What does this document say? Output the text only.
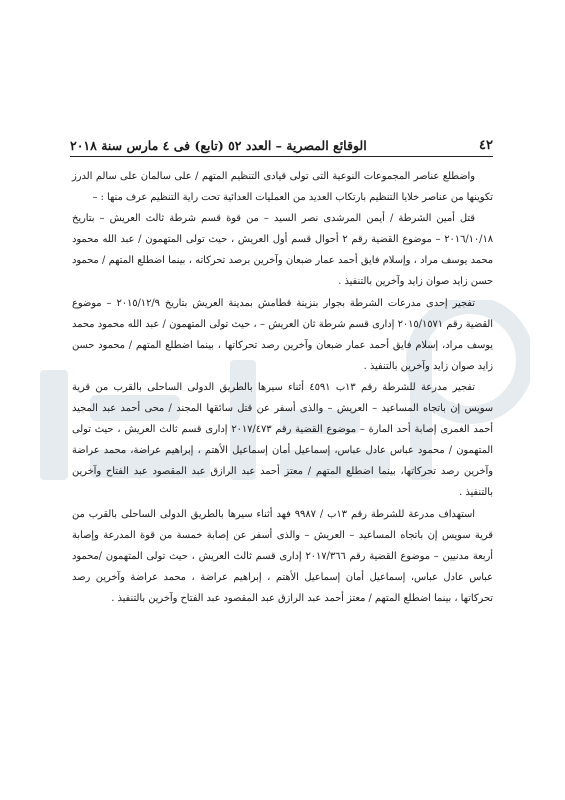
٤٢
الوقائع المصرية – العدد ٥٢ (تابع) فى ٤ مارس سنة ٢٠١٨

واضطلع عناصر المجموعات النوعية التى تولى قيادى التنظيم المتهم / على سالمان على سالم الدرز تكوينها من عناصر خلايا التنظيم بارتكاب العديد من العمليات العدائية تحت راية التنظيم عرف منها : –

قتل أمين الشرطة / أيمن المرشدى نصر السيد – من قوة قسم شرطة ثالث العريش – بتاريخ ٢٠١٦/١٠/١٨ – موضوع القضية رقم ٢ أحوال قسم أول العريش ، حيث تولى المتهمون / عبد الله محمود محمد يوسف مراد ، وإسلام فايق أحمد عمار ضبعان وآخرين برصد تحركاته ، بينما اضطلع المتهم / محمود حسن زايد صوان زايد وآخرين بالتنفيذ .

تفجير إحدى مدرعات الشرطة بجوار بنزينة قطامش بمدينة العريش بتاريخ ٢٠١٥/١٢/٩ – موضوع القضية رقم ٢٠١٥/١٥٧١ إدارى قسم شرطة ثان العريش – ، حيث تولى المتهمون / عبد الله محمود محمد يوسف مراد، إسلام فايق أحمد عمار ضبعان وآخرين رصد تحركاتها ، بينما اضطلع المتهم / محمود حسن زايد صوان زايد وآخرين بالتنفيذ .

تفجير مدرعة للشرطة رقم ١٣ب ٤٥٩١ أثناء سيرها بالطريق الدولى الساحلى بالقرب من قرية سويس إن باتجاه المساعيد – العريش – والذى أسفر عن قتل سائقها المجند / محى أحمد عبد المجيد أحمد الغمرى إصابة أحد المارة – موضوع القضية رقم ٢٠١٧/٤٧٣ إدارى قسم ثالث العريش ، حيث تولى المتهمون / محمود عباس عادل عباس، إسماعيل أمان إسماعيل الأهتم ، إبراهيم عراضة، محمد عراضة وآخرين رصد تحركاتها، بينما اضطلع المتهم / معتز أحمد عبد الرازق عبد المقصود عبد الفتاح وآخرين بالتنفيذ .

استهداف مدرعة للشرطة رقم ١٣ب / ٩٩٨٧ فهد أثناء سيرها بالطريق الدولى الساحلى بالقرب من قرية سويس إن باتجاه المساعيد – العريش – والذى أسفر عن إصابة خمسة من قوة المدرعة وإصابة أربعة مدنيين – موضوع القضية رقم ٢٠١٧/٣٦٦ إدارى قسم ثالث العريش ، حيث تولى المتهمون /محمود عباس عادل عباس، إسماعيل أمان إسماعيل الأهتم ، إبراهيم عراضة ، محمد عراضة وآخرين رصد تحركاتها ، بينما اضطلع المتهم / معتز أحمد عبد الرازق عبد المقصود عبد الفتاح وآخرين بالتنفيذ .
